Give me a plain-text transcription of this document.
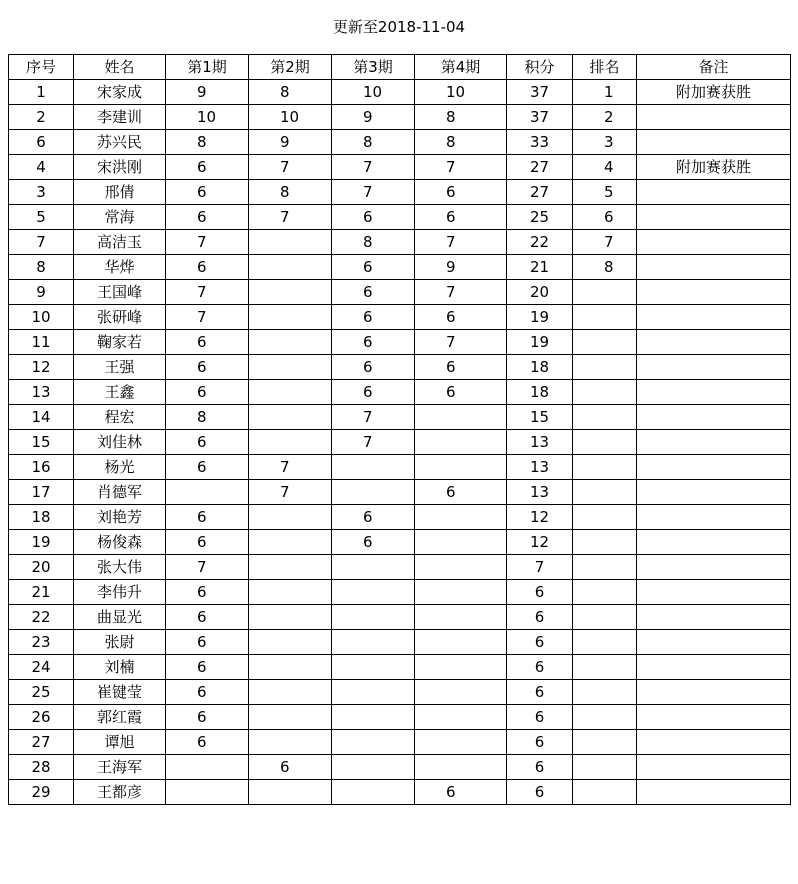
更新至2018-11-04
序号	姓名	第1期	第2期	第3期	第4期	积分	排名	备注
1	宋家成	9	8	10	10	37	1	附加赛获胜
2	李建训	10	10	9	8	37	2	
6	苏兴民	8	9	8	8	33	3	
4	宋洪刚	6	7	7	7	27	4	附加赛获胜
3	邢倩	6	8	7	6	27	5	
5	常海	6	7	6	6	25	6	
7	高洁玉	7		8	7	22	7	
8	华烨	6		6	9	21	8	
9	王国峰	7		6	7	20		
10	张研峰	7		6	6	19		
11	鞠家若	6		6	7	19		
12	王强	6		6	6	18		
13	王鑫	6		6	6	18		
14	程宏	8		7		15		
15	刘佳林	6		7		13		
16	杨光	6	7			13		
17	肖德军		7		6	13		
18	刘艳芳	6		6		12		
19	杨俊森	6		6		12		
20	张大伟	7				7		
21	李伟升	6				6		
22	曲显光	6				6		
23	张尉	6				6		
24	刘楠	6				6		
25	崔键莹	6				6		
26	郭红霞	6				6		
27	谭旭	6				6		
28	王海军		6			6		
29	王都彦				6	6		
